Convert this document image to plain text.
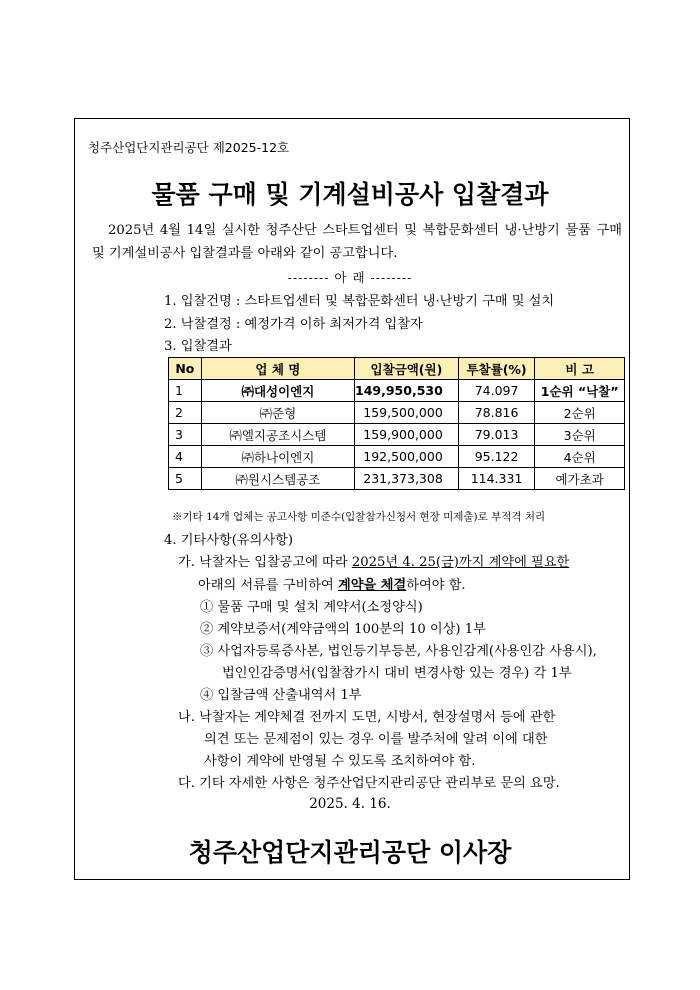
청주산업단지관리공단 제2025-12호
물품 구매 및 기계설비공사 입찰결과
2025년 4월 14일 실시한 청주산단 스타트업센터 및 복합문화센터 냉·난방기 물품 구매 및 기계설비공사 입찰결과를 아래와 같이 공고합니다.
-------- 아 래 --------
1. 입찰건명 : 스타트업센터 및 복합문화센터 냉·난방기 구매 및 설치
2. 낙찰결정 : 예정가격 이하 최저가격 입찰자
3. 입찰결과
No	업 체 명	입찰금액(원)	투찰률(%)	비 고
1	㈜대성이엔지	149,950,530	74.097	1순위 “낙찰”
2	㈜준형	159,500,000	78.816	2순위
3	㈜엘지공조시스템	159,900,000	79.013	3순위
4	㈜하나이엔지	192,500,000	95.122	4순위
5	㈜원시스템공조	231,373,308	114.331	예가초과
※기타 14개 업체는 공고사항 미준수(입찰참가신청서 현장 미제출)로 부적격 처리
4. 기타사항(유의사항)
가. 낙찰자는 입찰공고에 따라 2025년 4. 25(금)까지 계약에 필요한
아래의 서류를 구비하여 계약을 체결하여야 함.
① 물품 구매 및 설치 계약서(소정양식)
② 계약보증서(계약금액의 100분의 10 이상) 1부
③ 사업자등록증사본, 법인등기부등본, 사용인감계(사용인감 사용시),
법인인감증명서(입찰참가시 대비 변경사항 있는 경우) 각 1부
④ 입찰금액 산출내역서 1부
나. 낙찰자는 계약체결 전까지 도면, 시방서, 현장설명서 등에 관한
의견 또는 문제점이 있는 경우 이를 발주처에 알려 이에 대한
사항이 계약에 반영될 수 있도록 조치하여야 함.
다. 기타 자세한 사항은 청주산업단지관리공단 관리부로 문의 요망.
2025. 4. 16.
청주산업단지관리공단 이사장
